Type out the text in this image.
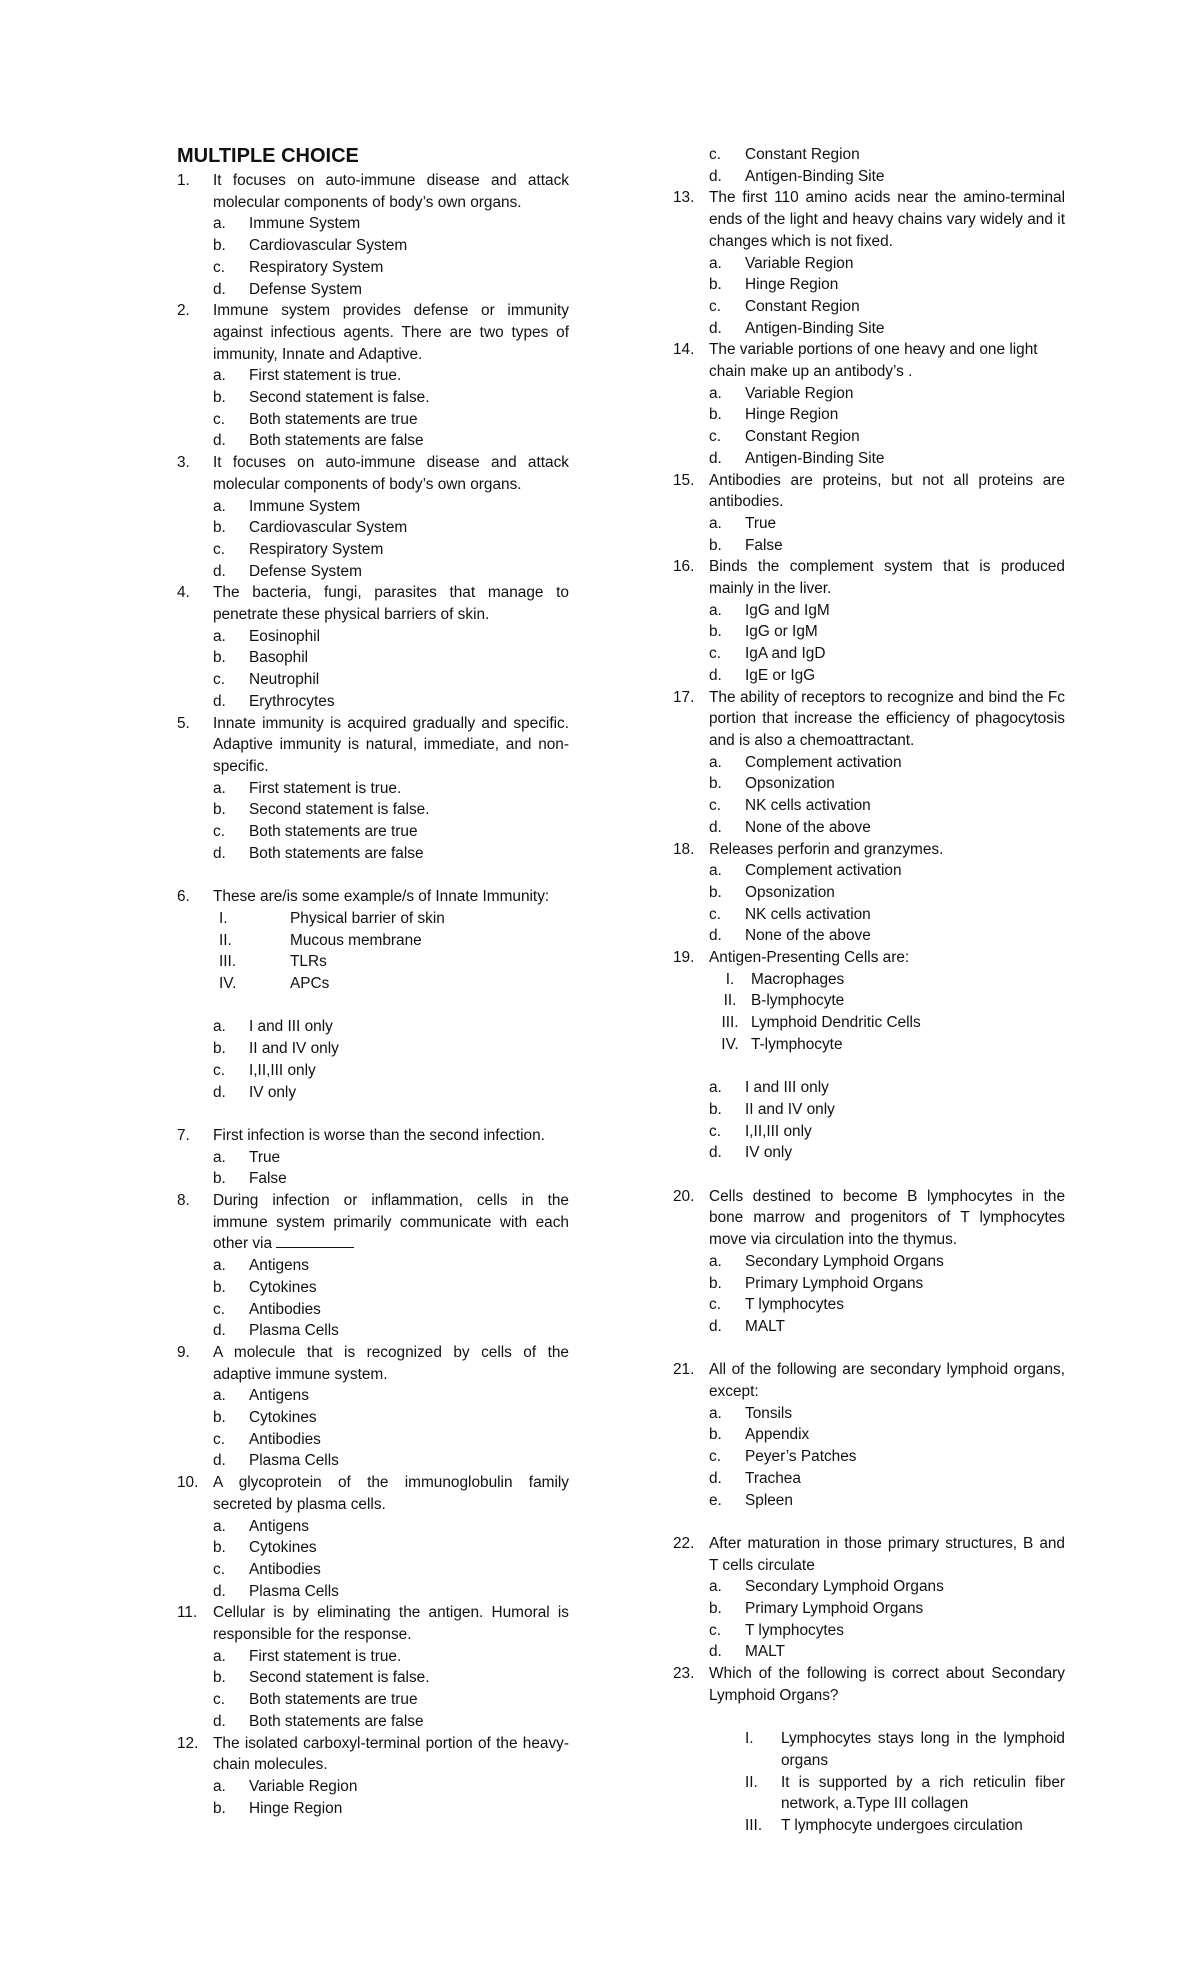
MULTIPLE CHOICE
1.	It focuses on auto-immune disease and attack molecular components of body’s own organs.
a.	Immune System
b.	Cardiovascular System
c.	Respiratory System
d.	Defense System
2.	Immune system provides defense or immunity against infectious agents. There are two types of immunity, Innate and Adaptive.
a.	First statement is true.
b.	Second statement is false.
c.	Both statements are true
d.	Both statements are false
3.	It focuses on auto-immune disease and attack molecular components of body’s own organs.
a.	Immune System
b.	Cardiovascular System
c.	Respiratory System
d.	Defense System
4.	The bacteria, fungi, parasites that manage to penetrate these physical barriers of skin.
a.	Eosinophil
b.	Basophil
c.	Neutrophil
d.	Erythrocytes
5.	Innate immunity is acquired gradually and specific. Adaptive immunity is natural, immediate, and non-specific.
a.	First statement is true.
b.	Second statement is false.
c.	Both statements are true
d.	Both statements are false
6.	These are/is some example/s of Innate Immunity:
I.	Physical barrier of skin
II.	Mucous membrane
III.	TLRs
IV.	APCs
a.	I and III only
b.	II and IV only
c.	I,II,III only
d.	IV only
7.	First infection is worse than the second infection.
a.	True
b.	False
8.	During infection or inflammation, cells in the immune system primarily communicate with each other via
a.	Antigens
b.	Cytokines
c.	Antibodies
d.	Plasma Cells
9.	A molecule that is recognized by cells of the adaptive immune system.
a.	Antigens
b.	Cytokines
c.	Antibodies
d.	Plasma Cells
10. A glycoprotein of the immunoglobulin family secreted by plasma cells.
a.	Antigens
b.	Cytokines
c.	Antibodies
d.	Plasma Cells
11.	Cellular is by eliminating the antigen. Humoral is responsible for the response.
a.	First statement is true.
b.	Second statement is false.
c.	Both statements are true
d.	Both statements are false
12. The isolated carboxyl-terminal portion of the heavy-chain molecules.
a.	Variable Region
b.	Hinge Region
c.	Constant Region
d.	Antigen-Binding Site
13. The first 110 amino acids near the amino-terminal ends of the light and heavy chains vary widely and it changes which is not fixed.
a.	Variable Region
b.	Hinge Region
c.	Constant Region
d.	Antigen-Binding Site
14. The variable portions of one heavy and one light chain make up an antibody’s .
a.	Variable Region
b.	Hinge Region
c.	Constant Region
d.	Antigen-Binding Site
15. Antibodies are proteins, but not all proteins are antibodies.
a.	True
b.	False
16. Binds the complement system that is produced mainly in the liver.
a.	IgG and IgM
b.	IgG or IgM
c.	IgA and IgD
d.	IgE or IgG
17. The ability of receptors to recognize and bind the Fc portion that increase the efficiency of phagocytosis and is also a chemoattractant.
a.	Complement activation
b.	Opsonization
c.	NK cells activation
d.	None of the above
18. Releases perforin and granzymes.
a.	Complement activation
b.	Opsonization
c.	NK cells activation
d.	None of the above
19. Antigen-Presenting Cells are:
I.	Macrophages
II. B-lymphocyte
III. Lymphoid Dendritic Cells
IV. T-lymphocyte
a.	I and III only
b.	II and IV only
c.	I,II,III only
d.	IV only
20. Cells destined to become B lymphocytes in the bone marrow and progenitors of T lymphocytes move via circulation into the thymus.
a.	Secondary Lymphoid Organs
b.	Primary Lymphoid Organs
c.	T lymphocytes
d.	MALT
21. All of the following are secondary lymphoid organs, except:
a.	Tonsils
b.	Appendix
c.	Peyer’s Patches
d.	Trachea
e.	Spleen
22. After maturation in those primary structures, B and T cells circulate
a.	Secondary Lymphoid Organs
b.	Primary Lymphoid Organs
c.	T lymphocytes
d.	MALT
23. Which of the following is correct about Secondary Lymphoid Organs?
I.	Lymphocytes stays long in the lymphoid organs
II.	It is supported by a rich reticulin fiber network, a.Type III collagen
III.	T lymphocyte undergoes circulation
